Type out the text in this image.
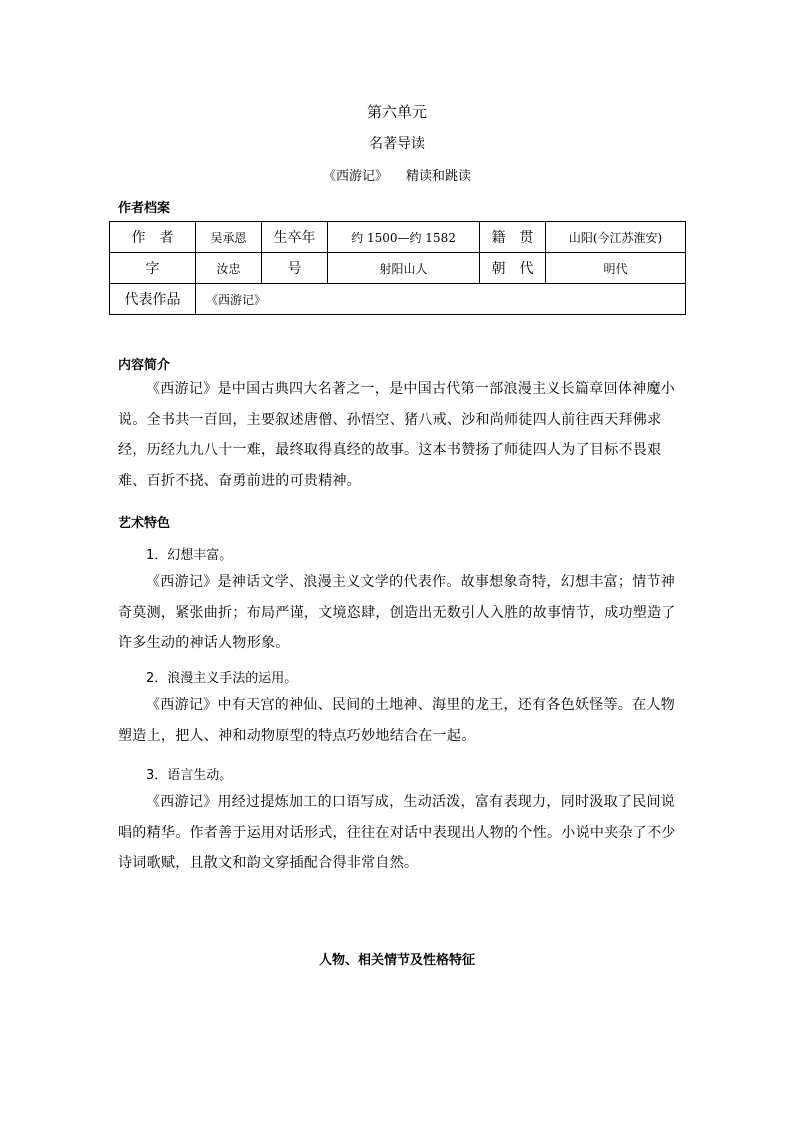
第六单元
名著导读
《西游记》 精读和跳读
作者档案
作　者	吴承恩	生卒年	约 1500—约 1582	籍　贯	山阳(今江苏淮安)
字	汝忠	号	射阳山人	朝　代	明代
代表作品	《西游记》				
内容简介
《西游记》是中国古典四大名著之一，是中国古代第一部浪漫主义长篇章回体神魔小说。全书共一百回，主要叙述唐僧、孙悟空、猪八戒、沙和尚师徒四人前往西天拜佛求经，历经九九八十一难，最终取得真经的故事。这本书赞扬了师徒四人为了目标不畏艰难、百折不挠、奋勇前进的可贵精神。
艺术特色
1．幻想丰富。
《西游记》是神话文学、浪漫主义文学的代表作。故事想象奇特，幻想丰富；情节神奇莫测，紧张曲折；布局严谨，文境恣肆，创造出无数引人入胜的故事情节，成功塑造了许多生动的神话人物形象。
2．浪漫主义手法的运用。
《西游记》中有天宫的神仙、民间的土地神、海里的龙王，还有各色妖怪等。在人物塑造上，把人、神和动物原型的特点巧妙地结合在一起。
3．语言生动。
《西游记》用经过提炼加工的口语写成，生动活泼，富有表现力，同时汲取了民间说唱的精华。作者善于运用对话形式，往往在对话中表现出人物的个性。小说中夹杂了不少诗词歌赋，且散文和韵文穿插配合得非常自然。
人物、相关情节及性格特征
